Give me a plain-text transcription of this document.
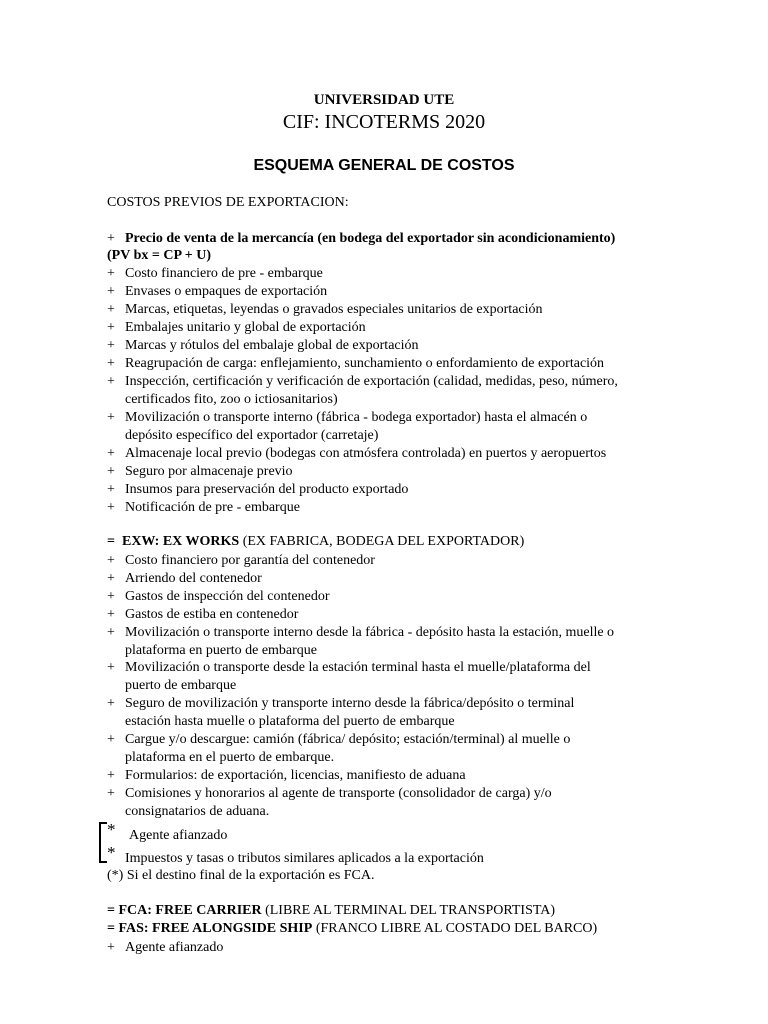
UNIVERSIDAD UTE
CIF: INCOTERMS 2020
ESQUEMA GENERAL DE COSTOS
COSTOS PREVIOS DE EXPORTACION:
+ Precio de venta de la mercancía (en bodega del exportador sin acondicionamiento)
(PV bx = CP + U)
+ Costo financiero de pre - embarque
+ Envases o empaques de exportación
+ Marcas, etiquetas, leyendas o gravados especiales unitarios de exportación
+ Embalajes unitario y global de exportación
+ Marcas y rótulos del embalaje global de exportación
+ Reagrupación de carga: enflejamiento, sunchamiento o enfordamiento de exportación
+ Inspección, certificación y verificación de exportación (calidad, medidas, peso, número,
certificados fito, zoo o ictiosanitarios)
+ Movilización o transporte interno (fábrica - bodega exportador) hasta el almacén o
depósito específico del exportador (carretaje)
+ Almacenaje local previo (bodegas con atmósfera controlada) en puertos y aeropuertos
+ Seguro por almacenaje previo
+ Insumos para preservación del producto exportado
+ Notificación de pre - embarque
=  EXW: EX WORKS (EX FABRICA, BODEGA DEL EXPORTADOR)
+ Costo financiero por garantía del contenedor
+ Arriendo del contenedor
+ Gastos de inspección del contenedor
+ Gastos de estiba en contenedor
+ Movilización o transporte interno desde la fábrica - depósito hasta la estación, muelle o
plataforma en puerto de embarque
+ Movilización o transporte desde la estación terminal hasta el muelle/plataforma del
puerto de embarque
+ Seguro de movilización y transporte interno desde la fábrica/depósito o terminal
estación hasta muelle o plataforma del puerto de embarque
+ Cargue y/o descargue: camión (fábrica/ depósito; estación/terminal) al muelle o
plataforma en el puerto de embarque.
+ Formularios: de exportación, licencias, manifiesto de aduana
+ Comisiones y honorarios al agente de transporte (consolidador de carga) y/o
consignatarios de aduana.
* Agente afianzado
* Impuestos y tasas o tributos similares aplicados a la exportación
(*) Si el destino final de la exportación es FCA.
= FCA: FREE CARRIER (LIBRE AL TERMINAL DEL TRANSPORTISTA)
= FAS: FREE ALONGSIDE SHIP (FRANCO LIBRE AL COSTADO DEL BARCO)
+ Agente afianzado
